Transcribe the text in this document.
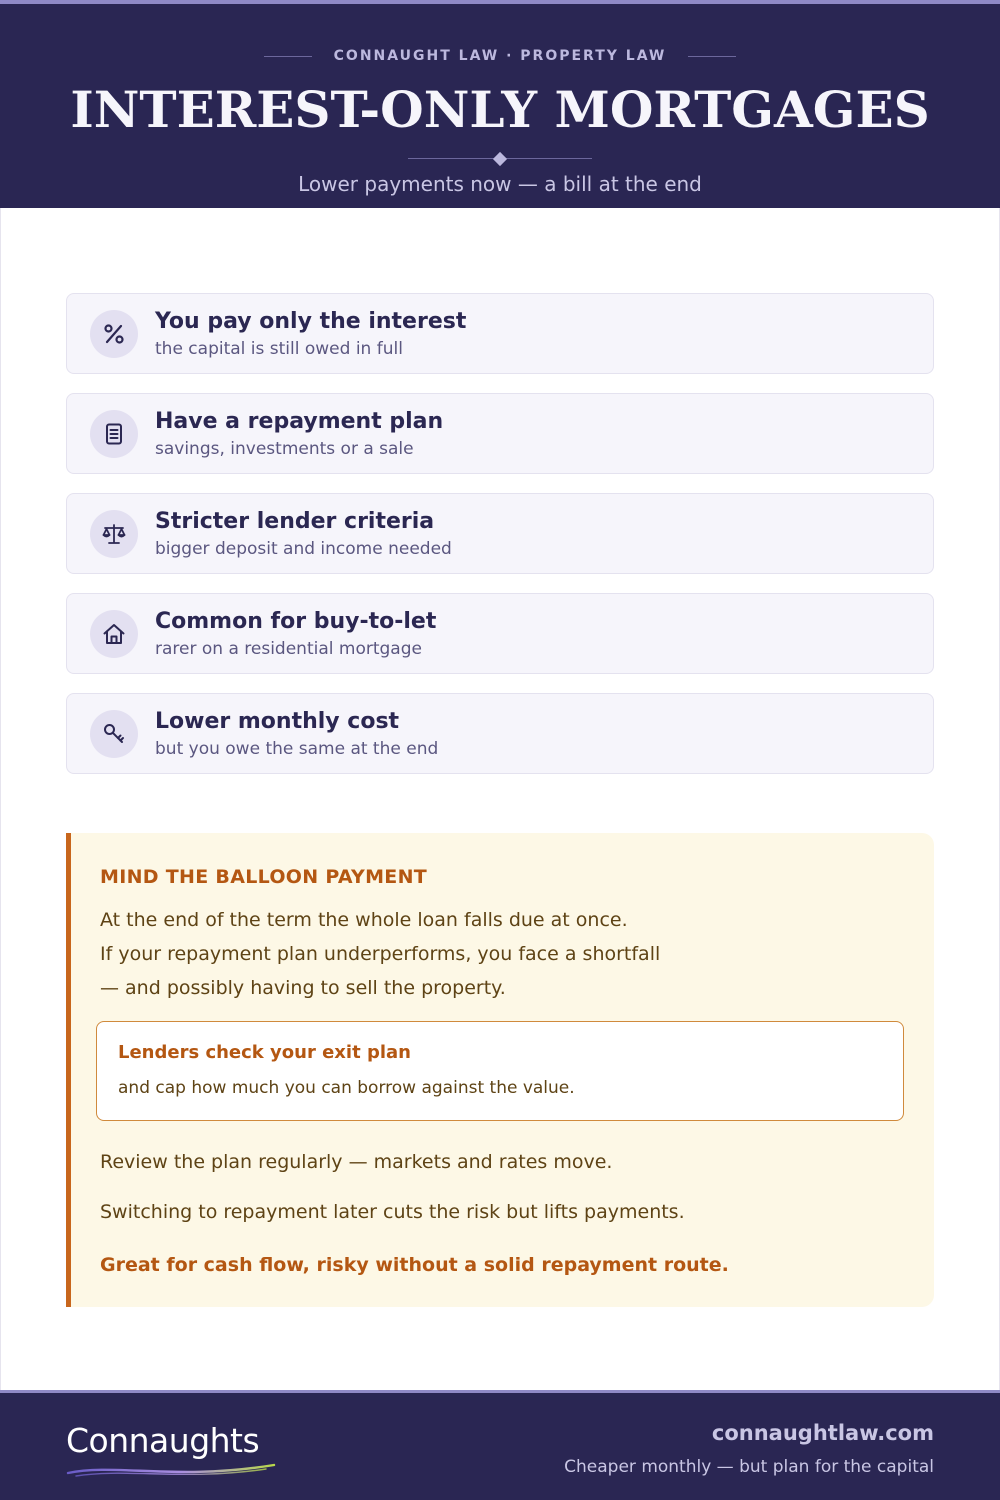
CONNAUGHT LAW · PROPERTY LAW
INTEREST-ONLY MORTGAGES
Lower payments now — a bill at the end
You pay only the interest
the capital is still owed in full
Have a repayment plan
savings, investments or a sale
Stricter lender criteria
bigger deposit and income needed
Common for buy-to-let
rarer on a residential mortgage
Lower monthly cost
but you owe the same at the end
MIND THE BALLOON PAYMENT
At the end of the term the whole loan falls due at once.
If your repayment plan underperforms, you face a shortfall
— and possibly having to sell the property.
Lenders check your exit plan
and cap how much you can borrow against the value.
Review the plan regularly — markets and rates move.
Switching to repayment later cuts the risk but lifts payments.
Great for cash flow, risky without a solid repayment route.
Connaughts	connaughtlaw.com
Cheaper monthly — but plan for the capital
